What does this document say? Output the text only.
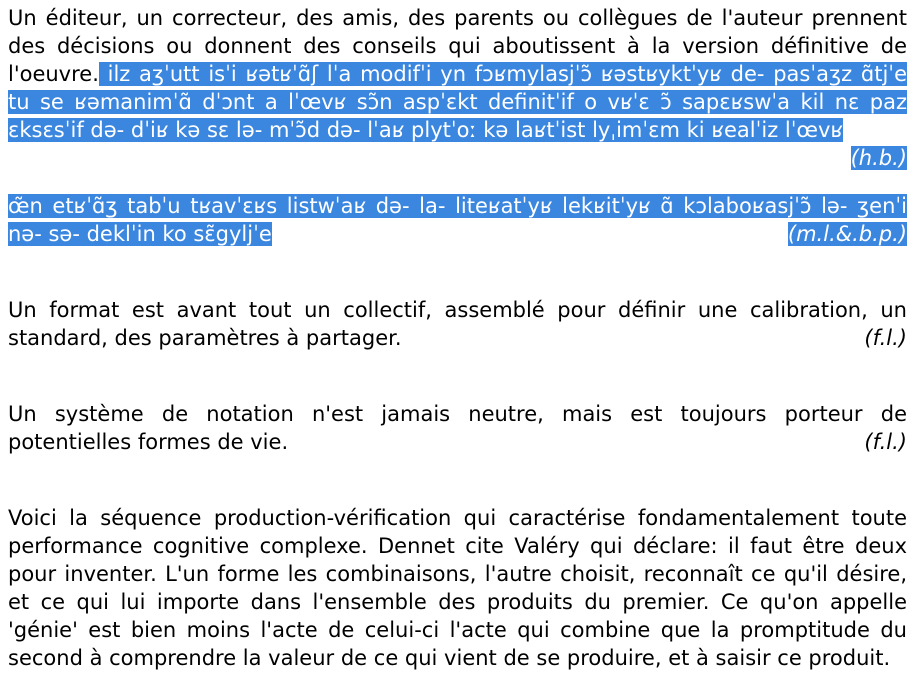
Un éditeur, un correcteur, des amis, des parents ou collègues de l'auteur prennent des décisions ou donnent des conseils qui aboutissent à la version définitive de l'oeuvre. ilz aʒˈutt isˈi ʁətʁˈɑ̃ʃ lˈa modifˈi yn fɔʁmylasjˈɔ̃ ʁəstʁyktˈyʁ de- pasˈaʒz ɑ̃tjˈe tu se ʁəmanimˈɑ̃ dˈɔnt a lˈœvʁ sɔ̃n aspˈɛkt definitˈif o vʁˈɛ ɔ̃ sapɛʁswˈa kil nɛ paz ɛksɛsˈif də- dˈiʁ kə sɛ lə- mˈɔ̃d də- lˈaʁ plytˈoː kə laʁtˈist lyˌimˈɛm ki ʁealˈiz lˈœvʁ
(h.b.)
œ̃n etʁˈɑ̃ʒ tabˈu tʁavˈɛʁs listwˈaʁ də- la- liteʁatˈyʁ lekʁitˈyʁ ɑ̃ kɔlaboʁasjˈɔ̃ lə- ʒenˈi nə- sə- deklˈin ko sɛ̃gyljˈe	(m.l.&.b.p.)
Un format est avant tout un collectif, assemblé pour définir une calibration, un standard, des paramètres à partager.	(f.l.)
Un système de notation n'est jamais neutre, mais est toujours porteur de potentielles formes de vie.	(f.l.)
Voici la séquence production-vérification qui caractérise fondamentalement toute performance cognitive complexe. Dennet cite Valéry qui déclare: il faut être deux pour inventer. L'un forme les combinaisons, l'autre choisit, reconnaît ce qu'il désire, et ce qui lui importe dans l'ensemble des produits du premier. Ce qu'on appelle 'génie' est bien moins l'acte de celui-ci l'acte qui combine que la promptitude du second à comprendre la valeur de ce qui vient de se produire, et à saisir ce produit.
